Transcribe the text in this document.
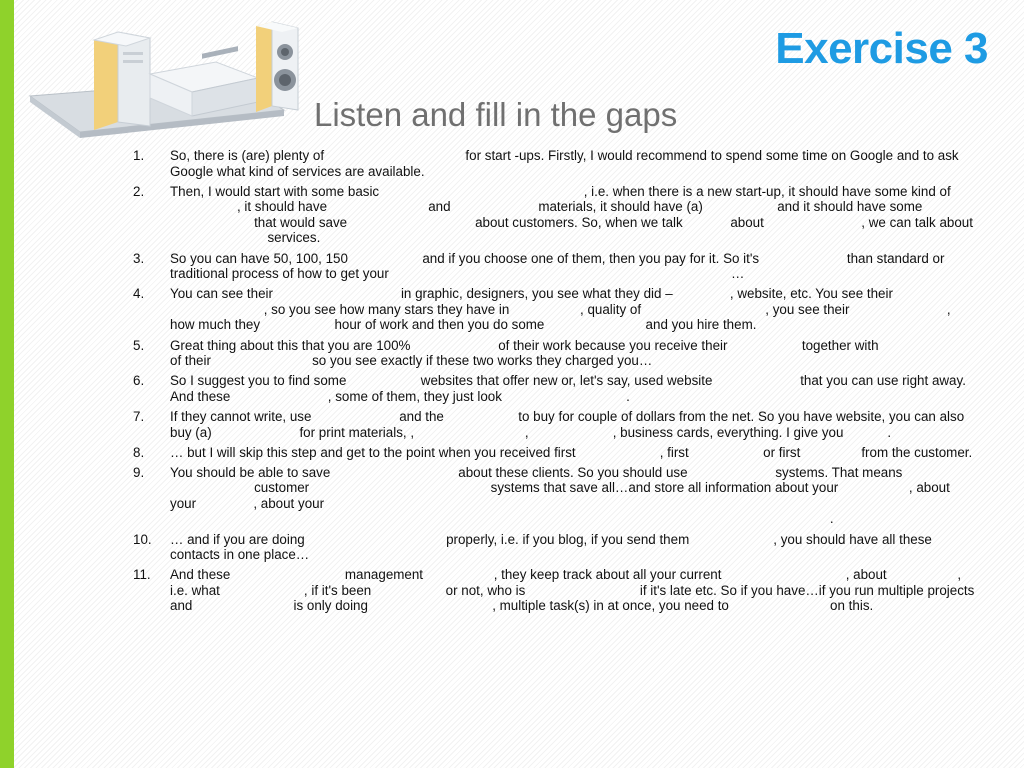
Exercise 3
Listen and fill in the gaps
1. So, there is (are) plenty of            for start -ups. Firstly, I would recommend to spend some time on Google and to ask Google what kind of services are available.
2. Then, I would start with some basic                , i.e. when there is a new start-up, it should have some kind of      , it should have         and        materials, it should have (a)       and it should have some        that would save           about customers. So, when we talk     about        , we can talk about         services.
3. So you can have 50, 100, 150       and if you choose one of them, then you pay for it. So it's        than standard or traditional process of how to get your                           …
4. You can see their           in graphic, designers, you see what they did –     , website, etc. You see their        , so you see how many stars they have in      , quality of          , you see their        , how much they       hour of work and then you do some         and you hire them.
5. Great thing about this that you are 100%        of their work because you receive their       together with         of their         so you see exactly if these two works they charged you…
6. So I suggest you to find some       websites that offer new or, let's say, used website        that you can use right away. And these        , some of them, they just look          .
7. If they cannot write, use        and the       to buy for couple of dollars from the net. So you have website, you can also buy (a)        for print materials, ,         ,       , business cards, everything. I give you    .
8. … but I will skip this step and get to the point when you received first       , first       or first      from the customer.
9. You should be able to save           about these clients. So you should use        systems. That means        customer               systems that save all…and store all information about your      , about your     , about your                                                   .
10. … and if you are doing            properly, i.e. if you blog, if you send them       , you should have all these contacts in one place…
11. And these          management      , they keep track about all your current          , about      , i.e. what       , if it's been       or not, who is          if it's late etc. So if you have…if you run multiple projects and         is only doing          , multiple task(s) in at once, you need to         on this.
